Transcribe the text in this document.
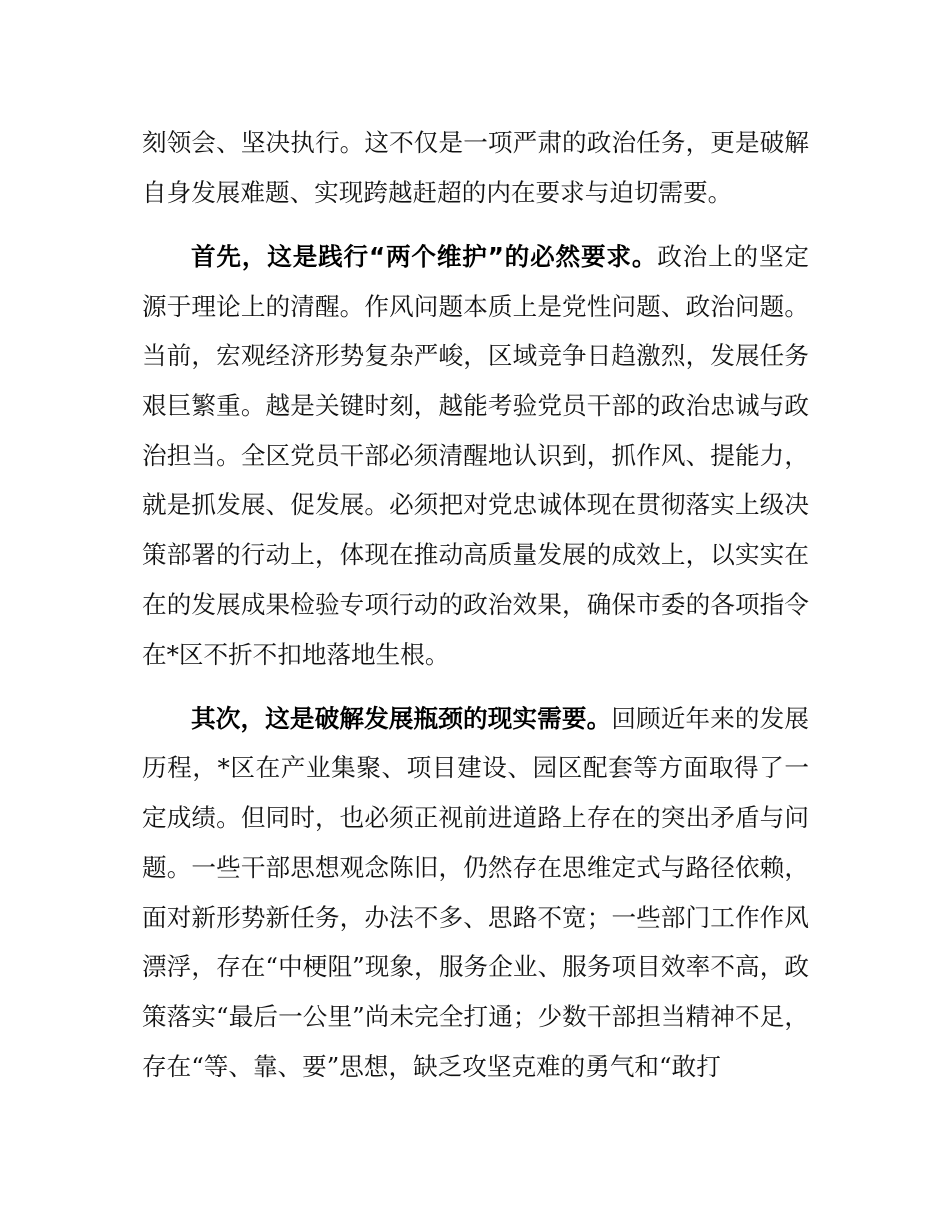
刻领会、坚决执行。这不仅是一项严肃的政治任务，更是破解自身发展难题、实现跨越赶超的内在要求与迫切需要。

首先，这是践行“两个维护”的必然要求。政治上的坚定源于理论上的清醒。作风问题本质上是党性问题、政治问题。当前，宏观经济形势复杂严峻，区域竞争日趋激烈，发展任务艰巨繁重。越是关键时刻，越能考验党员干部的政治忠诚与政治担当。全区党员干部必须清醒地认识到，抓作风、提能力，就是抓发展、促发展。必须把对党忠诚体现在贯彻落实上级决策部署的行动上，体现在推动高质量发展的成效上，以实实在在的发展成果检验专项行动的政治效果，确保市委的各项指令在*区不折不扣地落地生根。

其次，这是破解发展瓶颈的现实需要。回顾近年来的发展历程，*区在产业集聚、项目建设、园区配套等方面取得了一定成绩。但同时，也必须正视前进道路上存在的突出矛盾与问题。一些干部思想观念陈旧，仍然存在思维定式与路径依赖，面对新形势新任务，办法不多、思路不宽；一些部门工作作风漂浮，存在“中梗阻”现象，服务企业、服务项目效率不高，政策落实“最后一公里”尚未完全打通；少数干部担当精神不足，存在“等、靠、要”思想，缺乏攻坚克难的勇气和“敢打
